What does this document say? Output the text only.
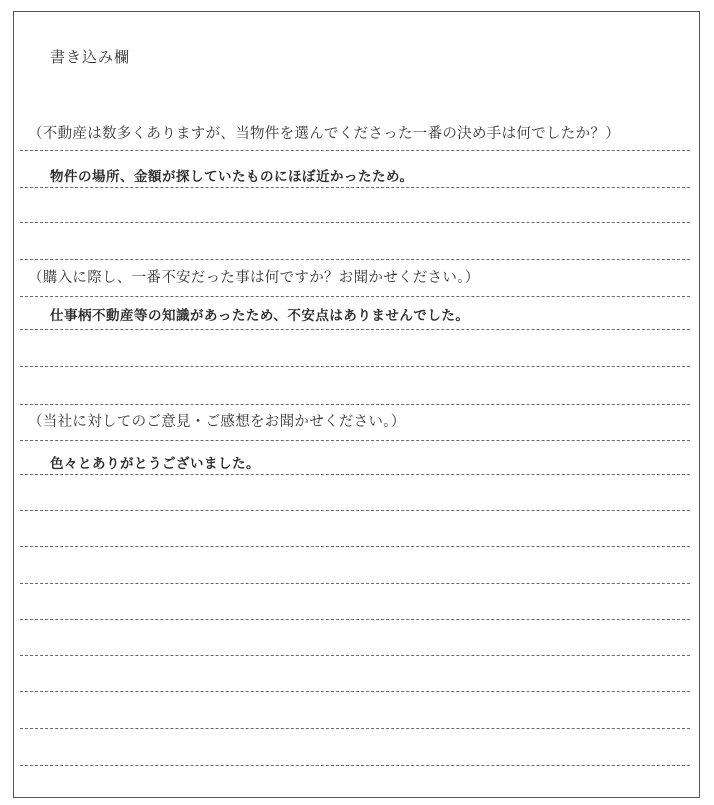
書き込み欄
（不動産は数多くありますが、当物件を選んでくださった一番の決め手は何でしたか？）
物件の場所、金額が探していたものにほぼ近かったため。
（購入に際し、一番不安だった事は何ですか？お聞かせください。）
仕事柄不動産等の知識があったため、不安点はありませんでした。
（当社に対してのご意見・ご感想をお聞かせください。）
色々とありがとうございました。
